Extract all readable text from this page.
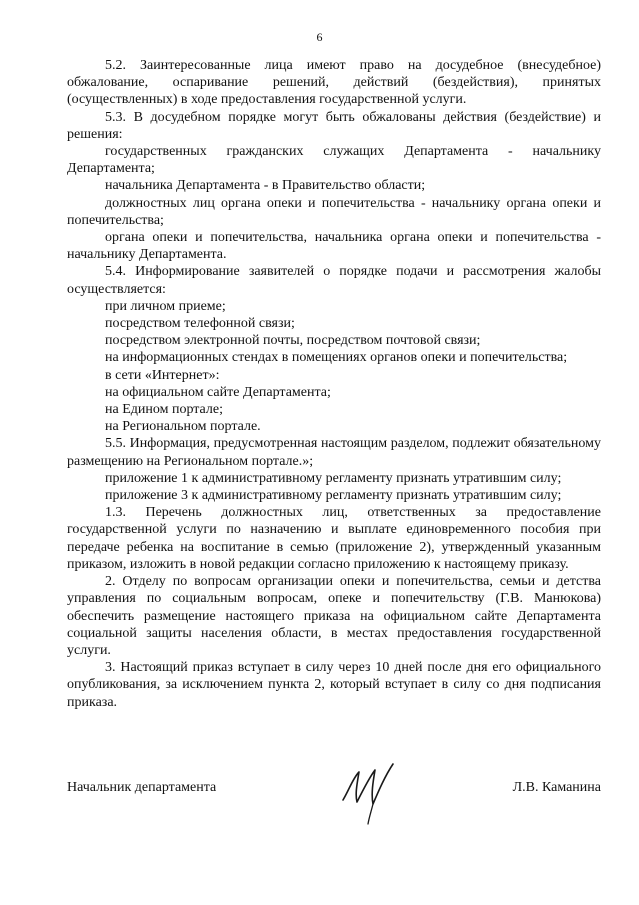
6

5.2. Заинтересованные лица имеют право на досудебное (внесудебное) обжалование, оспаривание решений, действий (бездействия), принятых (осуществленных) в ходе предоставления государственной услуги.

5.3. В досудебном порядке могут быть обжалованы действия (бездействие) и решения:

государственных гражданских служащих Департамента - начальнику Департамента;

начальника Департамента - в Правительство области;

должностных лиц органа опеки и попечительства - начальнику органа опеки и попечительства;

органа опеки и попечительства, начальника органа опеки и попечительства - начальнику Департамента.

5.4. Информирование заявителей о порядке подачи и рассмотрения жалобы осуществляется:

при личном приеме;

посредством телефонной связи;

посредством электронной почты, посредством почтовой связи;

на информационных стендах в помещениях органов опеки и попечительства;

в сети «Интернет»:

на официальном сайте Департамента;

на Едином портале;

на Региональном портале.

5.5. Информация, предусмотренная настоящим разделом, подлежит обязательному размещению на Региональном портале.»;

приложение 1 к административному регламенту признать утратившим силу;

приложение 3 к административному регламенту признать утратившим силу;

1.3. Перечень должностных лиц, ответственных за предоставление государственной услуги по назначению и выплате единовременного пособия при передаче ребенка на воспитание в семью (приложение 2), утвержденный указанным приказом, изложить в новой редакции согласно приложению к настоящему приказу.

2. Отделу по вопросам организации опеки и попечительства, семьи и детства управления по социальным вопросам, опеке и попечительству (Г.В. Манюкова) обеспечить размещение настоящего приказа на официальном сайте Департамента социальной защиты населения области, в местах предоставления государственной услуги.

3. Настоящий приказ вступает в силу через 10 дней после дня его официального опубликования, за исключением пункта 2, который вступает в силу со дня подписания приказа.

Начальник департамента	Л.В. Каманина
